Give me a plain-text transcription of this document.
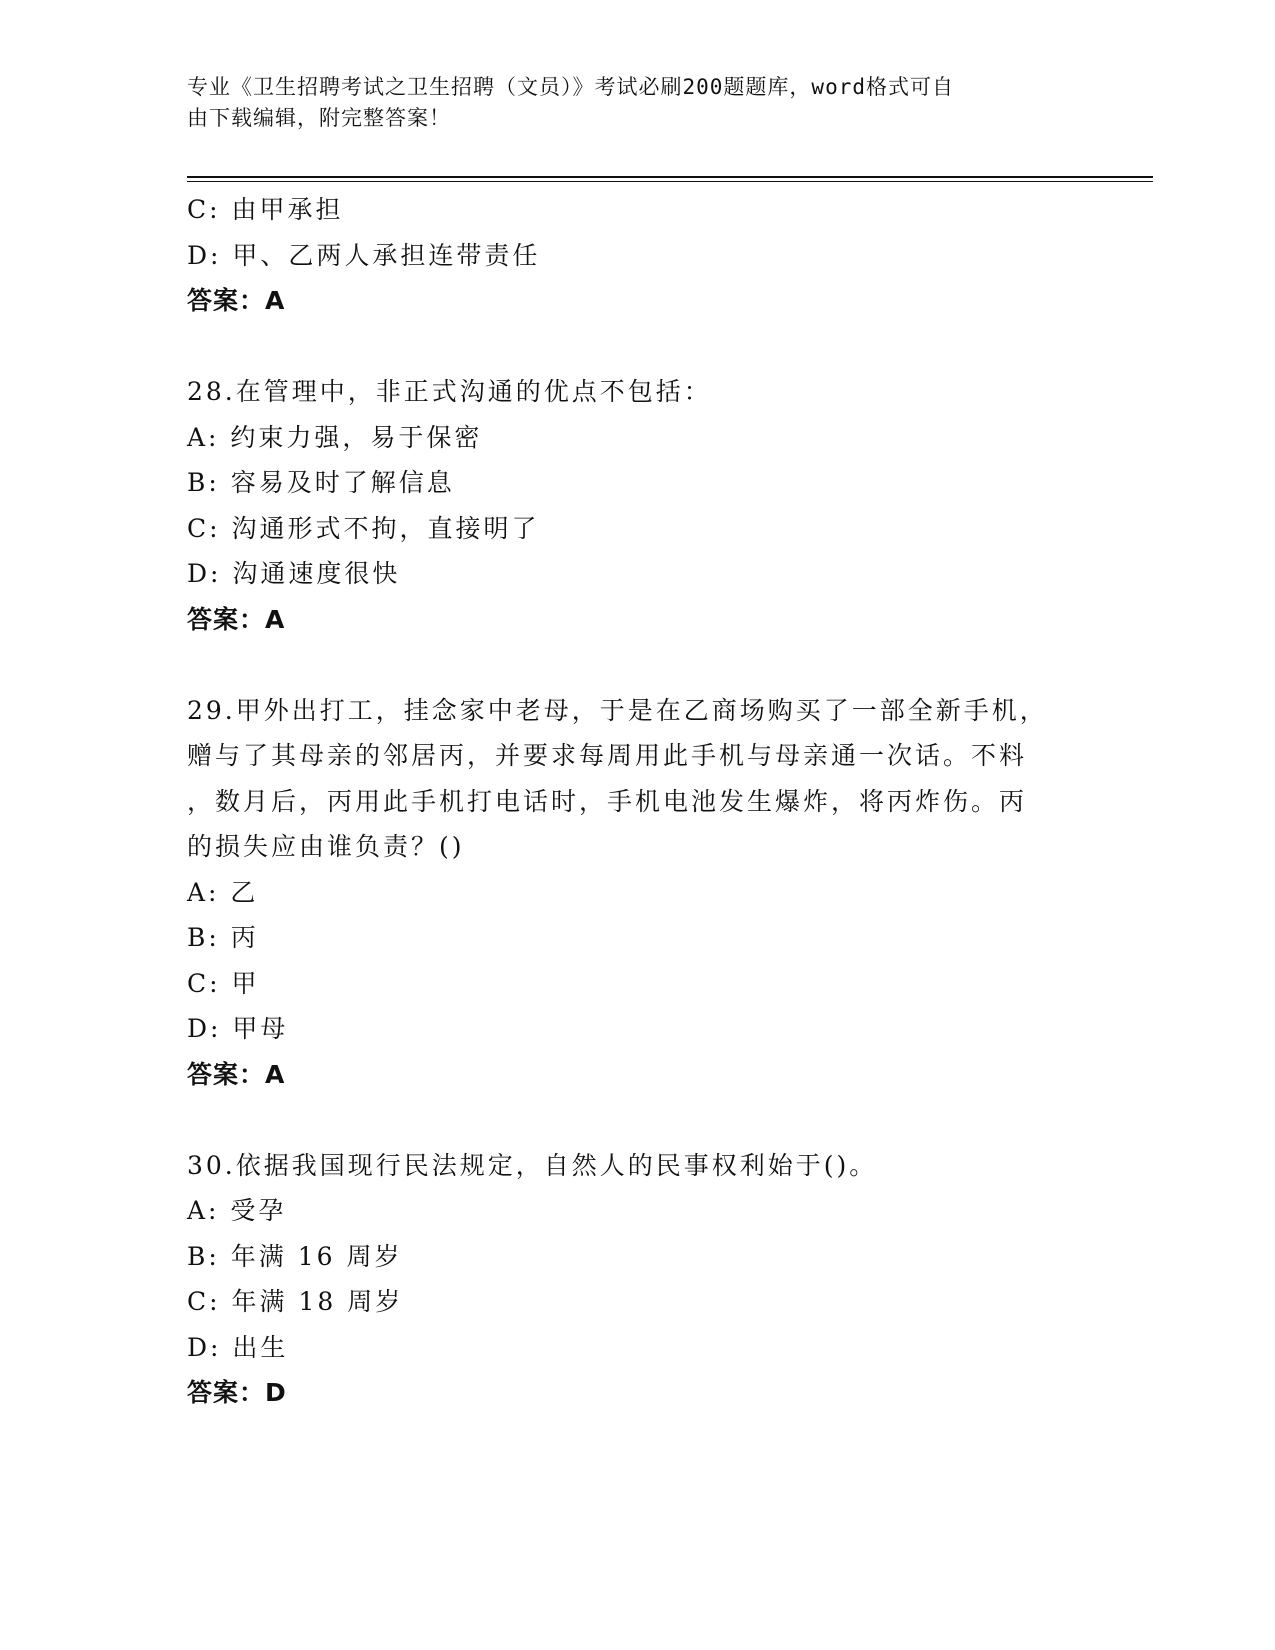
专业《卫生招聘考试之卫生招聘（文员）》考试必刷200题题库，word格式可自
由下载编辑，附完整答案！
C: 由甲承担
D: 甲、乙两人承担连带责任
答案：A
28.在管理中，非正式沟通的优点不包括：
A: 约束力强，易于保密
B: 容易及时了解信息
C: 沟通形式不拘，直接明了
D: 沟通速度很快
答案：A
29.甲外出打工，挂念家中老母，于是在乙商场购买了一部全新手机，
赠与了其母亲的邻居丙，并要求每周用此手机与母亲通一次话。不料
，数月后，丙用此手机打电话时，手机电池发生爆炸，将丙炸伤。丙
的损失应由谁负责？()
A: 乙
B: 丙
C: 甲
D: 甲母
答案：A
30.依据我国现行民法规定，自然人的民事权利始于()。
A: 受孕
B: 年满 16 周岁
C: 年满 18 周岁
D: 出生
答案：D
